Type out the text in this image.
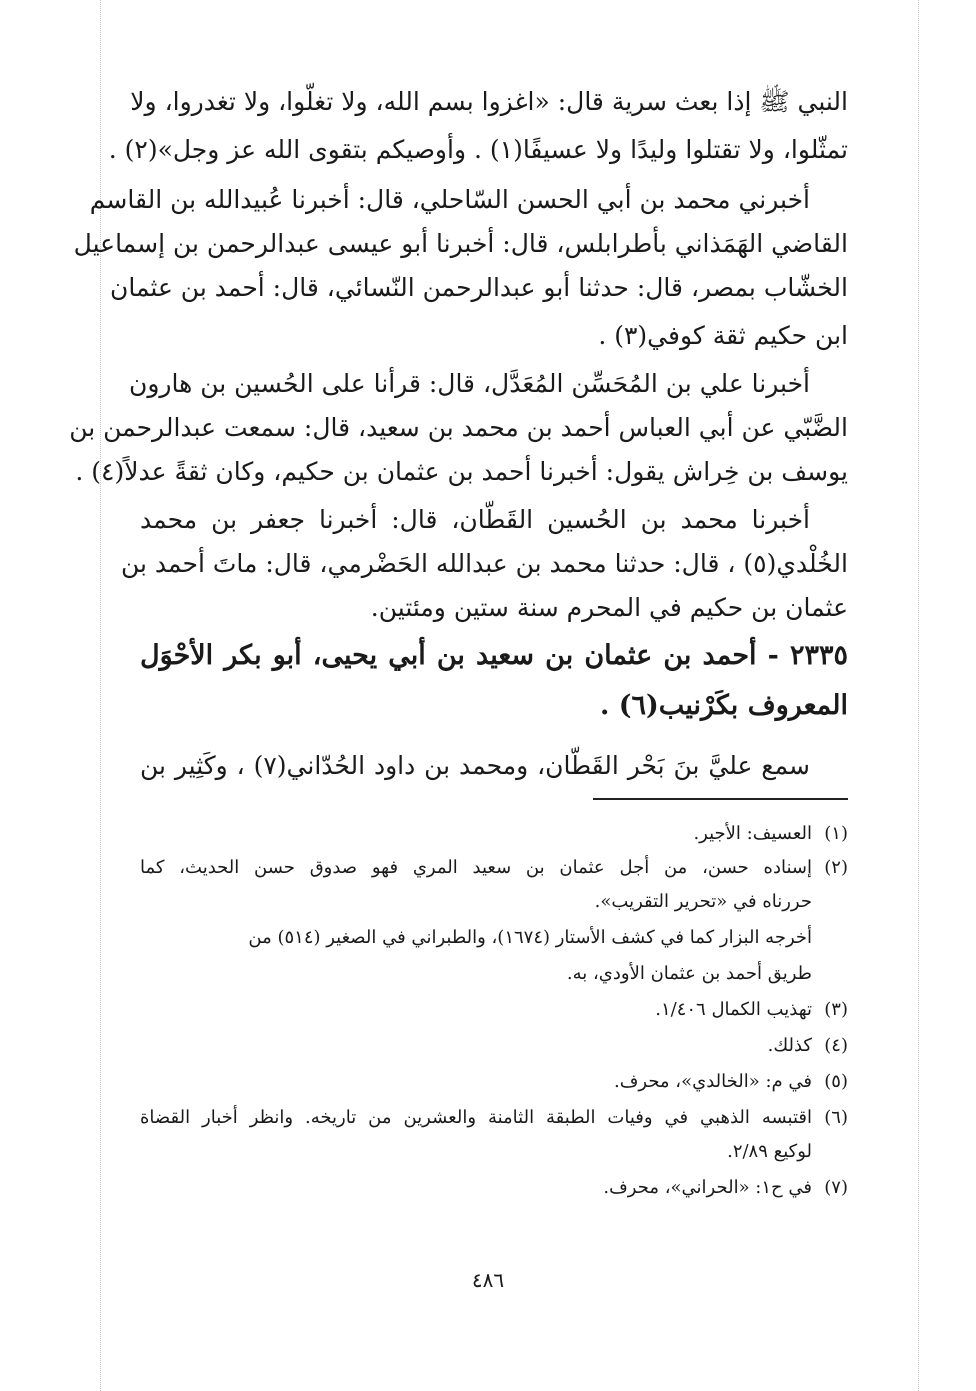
النبي ﷺ إذا بعث سرية قال: «اغزوا بسم الله، ولا تغلّوا، ولا تغدروا، ولا
تمثّلوا، ولا تقتلوا وليدًا ولا عسيفًا(١) . وأوصيكم بتقوى الله عز وجل»(٢) .
أخبرني محمد بن أبي الحسن السّاحلي، قال: أخبرنا عُبيدالله بن القاسم
القاضي الهَمَذاني بأطرابلس، قال: أخبرنا أبو عيسى عبدالرحمن بن إسماعيل
الخشّاب بمصر، قال: حدثنا أبو عبدالرحمن النّسائي، قال: أحمد بن عثمان
ابن حكيم ثقة كوفي(٣) .
أخبرنا علي بن المُحَسِّن المُعَدَّل، قال: قرأنا على الحُسين بن هارون
الضَّبّي عن أبي العباس أحمد بن محمد بن سعيد، قال: سمعت عبدالرحمن بن
يوسف بن خِراش يقول: أخبرنا أحمد بن عثمان بن حكيم، وكان ثقةً عدلاً(٤) .
أخبرنا محمد بن الحُسين القَطّان، قال: أخبرنا جعفر بن محمد
الخُلْدي(٥) ، قال: حدثنا محمد بن عبدالله الحَضْرمي، قال: ماتَ أحمد بن
عثمان بن حكيم في المحرم سنة ستين ومئتين.
٢٣٣٥ - أحمد بن عثمان بن سعيد بن أبي يحيى، أبو بكر الأحْوَل
المعروف بكَرْنيب(٦) .
سمع عليَّ بنَ بَحْر القَطّان، ومحمد بن داود الحُدّاني(٧) ، وكَثِير بن
(١)العسيف: الأجير.
(٢)إسناده حسن، من أجل عثمان بن سعيد المري فهو صدوق حسن الحديث، كما
حررناه في «تحرير التقريب».
أخرجه البزار كما في كشف الأستار (١٦٧٤)، والطبراني في الصغير (٥١٤) من
طريق أحمد بن عثمان الأودي، به.
(٣)تهذيب الكمال ١/٤٠٦.
(٤)كذلك.
(٥)في م: «الخالدي»، محرف.
(٦)اقتبسه الذهبي في وفيات الطبقة الثامنة والعشرين من تاريخه. وانظر أخبار القضاة
لوكيع ٢/٨٩.
(٧)في ح١: «الحراني»، محرف.
٤٨٦
